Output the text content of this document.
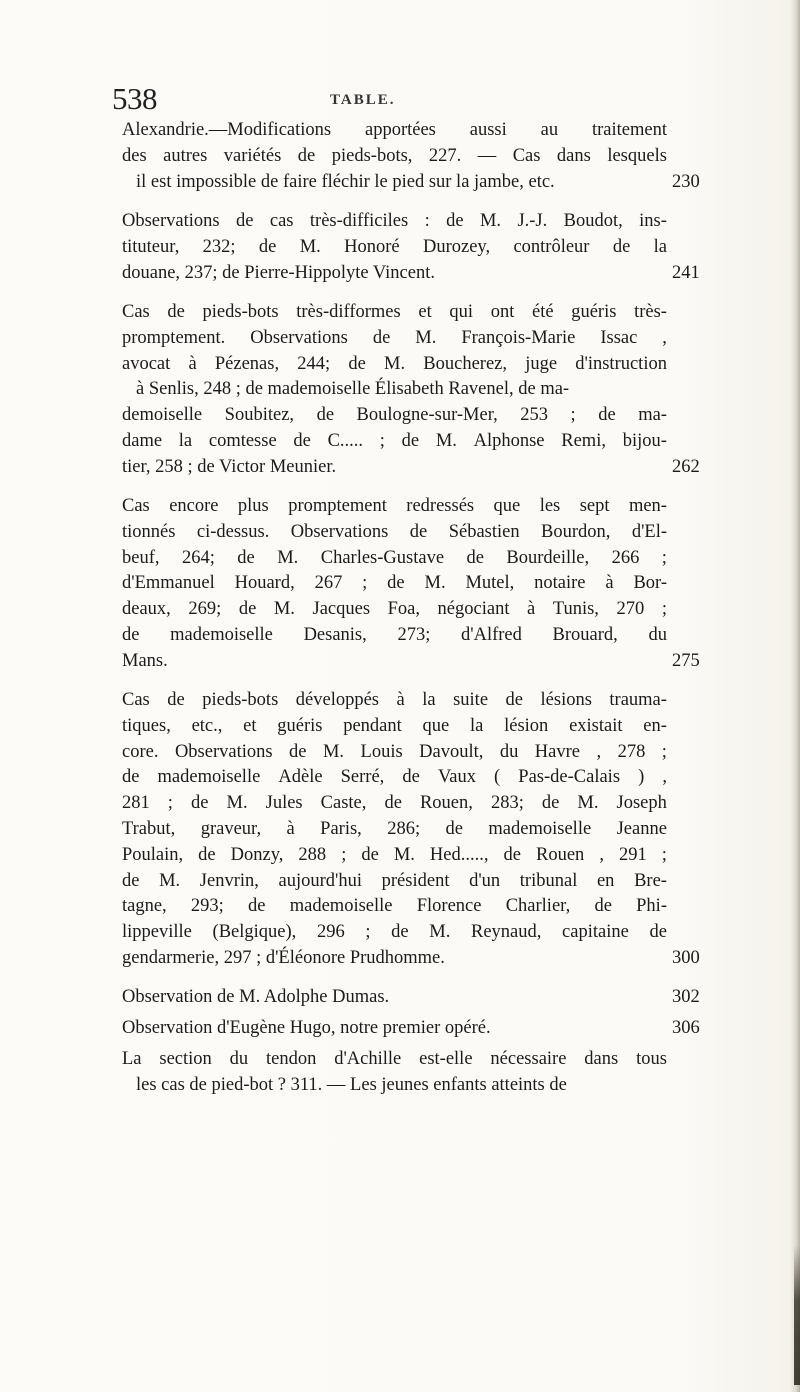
538	TABLE.
Alexandrie.—Modifications apportées aussi au traitement
des autres variétés de pieds-bots, 227. — Cas dans lesquels
il est impossible de faire fléchir le pied sur la jambe, etc.	230
Observations de cas très-difficiles : de M. J.-J. Boudot, ins-
tituteur, 232; de M. Honoré Durozey, contrôleur de la
douane, 237; de Pierre-Hippolyte Vincent.	241
Cas de pieds-bots très-difformes et qui ont été guéris très-
promptement. Observations de M. François-Marie Issac ,
avocat à Pézenas, 244; de M. Boucherez, juge d'instruction
à Senlis, 248 ; de mademoiselle Élisabeth Ravenel, de ma-
demoiselle Soubitez, de Boulogne-sur-Mer, 253 ; de ma-
dame la comtesse de C..... ; de M. Alphonse Remi, bijou-
tier, 258 ; de Victor Meunier.	262
Cas encore plus promptement redressés que les sept men-
tionnés ci-dessus. Observations de Sébastien Bourdon, d'El-
beuf, 264; de M. Charles-Gustave de Bourdeille, 266 ;
d'Emmanuel Houard, 267 ; de M. Mutel, notaire à Bor-
deaux, 269; de M. Jacques Foa, négociant à Tunis, 270 ;
de mademoiselle Desanis, 273; d'Alfred Brouard, du
Mans.	275
Cas de pieds-bots développés à la suite de lésions trauma-
tiques, etc., et guéris pendant que la lésion existait en-
core. Observations de M. Louis Davoult, du Havre , 278 ;
de mademoiselle Adèle Serré, de Vaux ( Pas-de-Calais ) ,
281 ; de M. Jules Caste, de Rouen, 283; de M. Joseph
Trabut, graveur, à Paris, 286; de mademoiselle Jeanne
Poulain, de Donzy, 288 ; de M. Hed....., de Rouen , 291 ;
de M. Jenvrin, aujourd'hui président d'un tribunal en Bre-
tagne, 293; de mademoiselle Florence Charlier, de Phi-
lippeville (Belgique), 296 ; de M. Reynaud, capitaine de
gendarmerie, 297 ; d'Éléonore Prudhomme.	300
Observation de M. Adolphe Dumas.	302
Observation d'Eugène Hugo, notre premier opéré.	306
La section du tendon d'Achille est-elle nécessaire dans tous
les cas de pied-bot ? 311. — Les jeunes enfants atteints de
